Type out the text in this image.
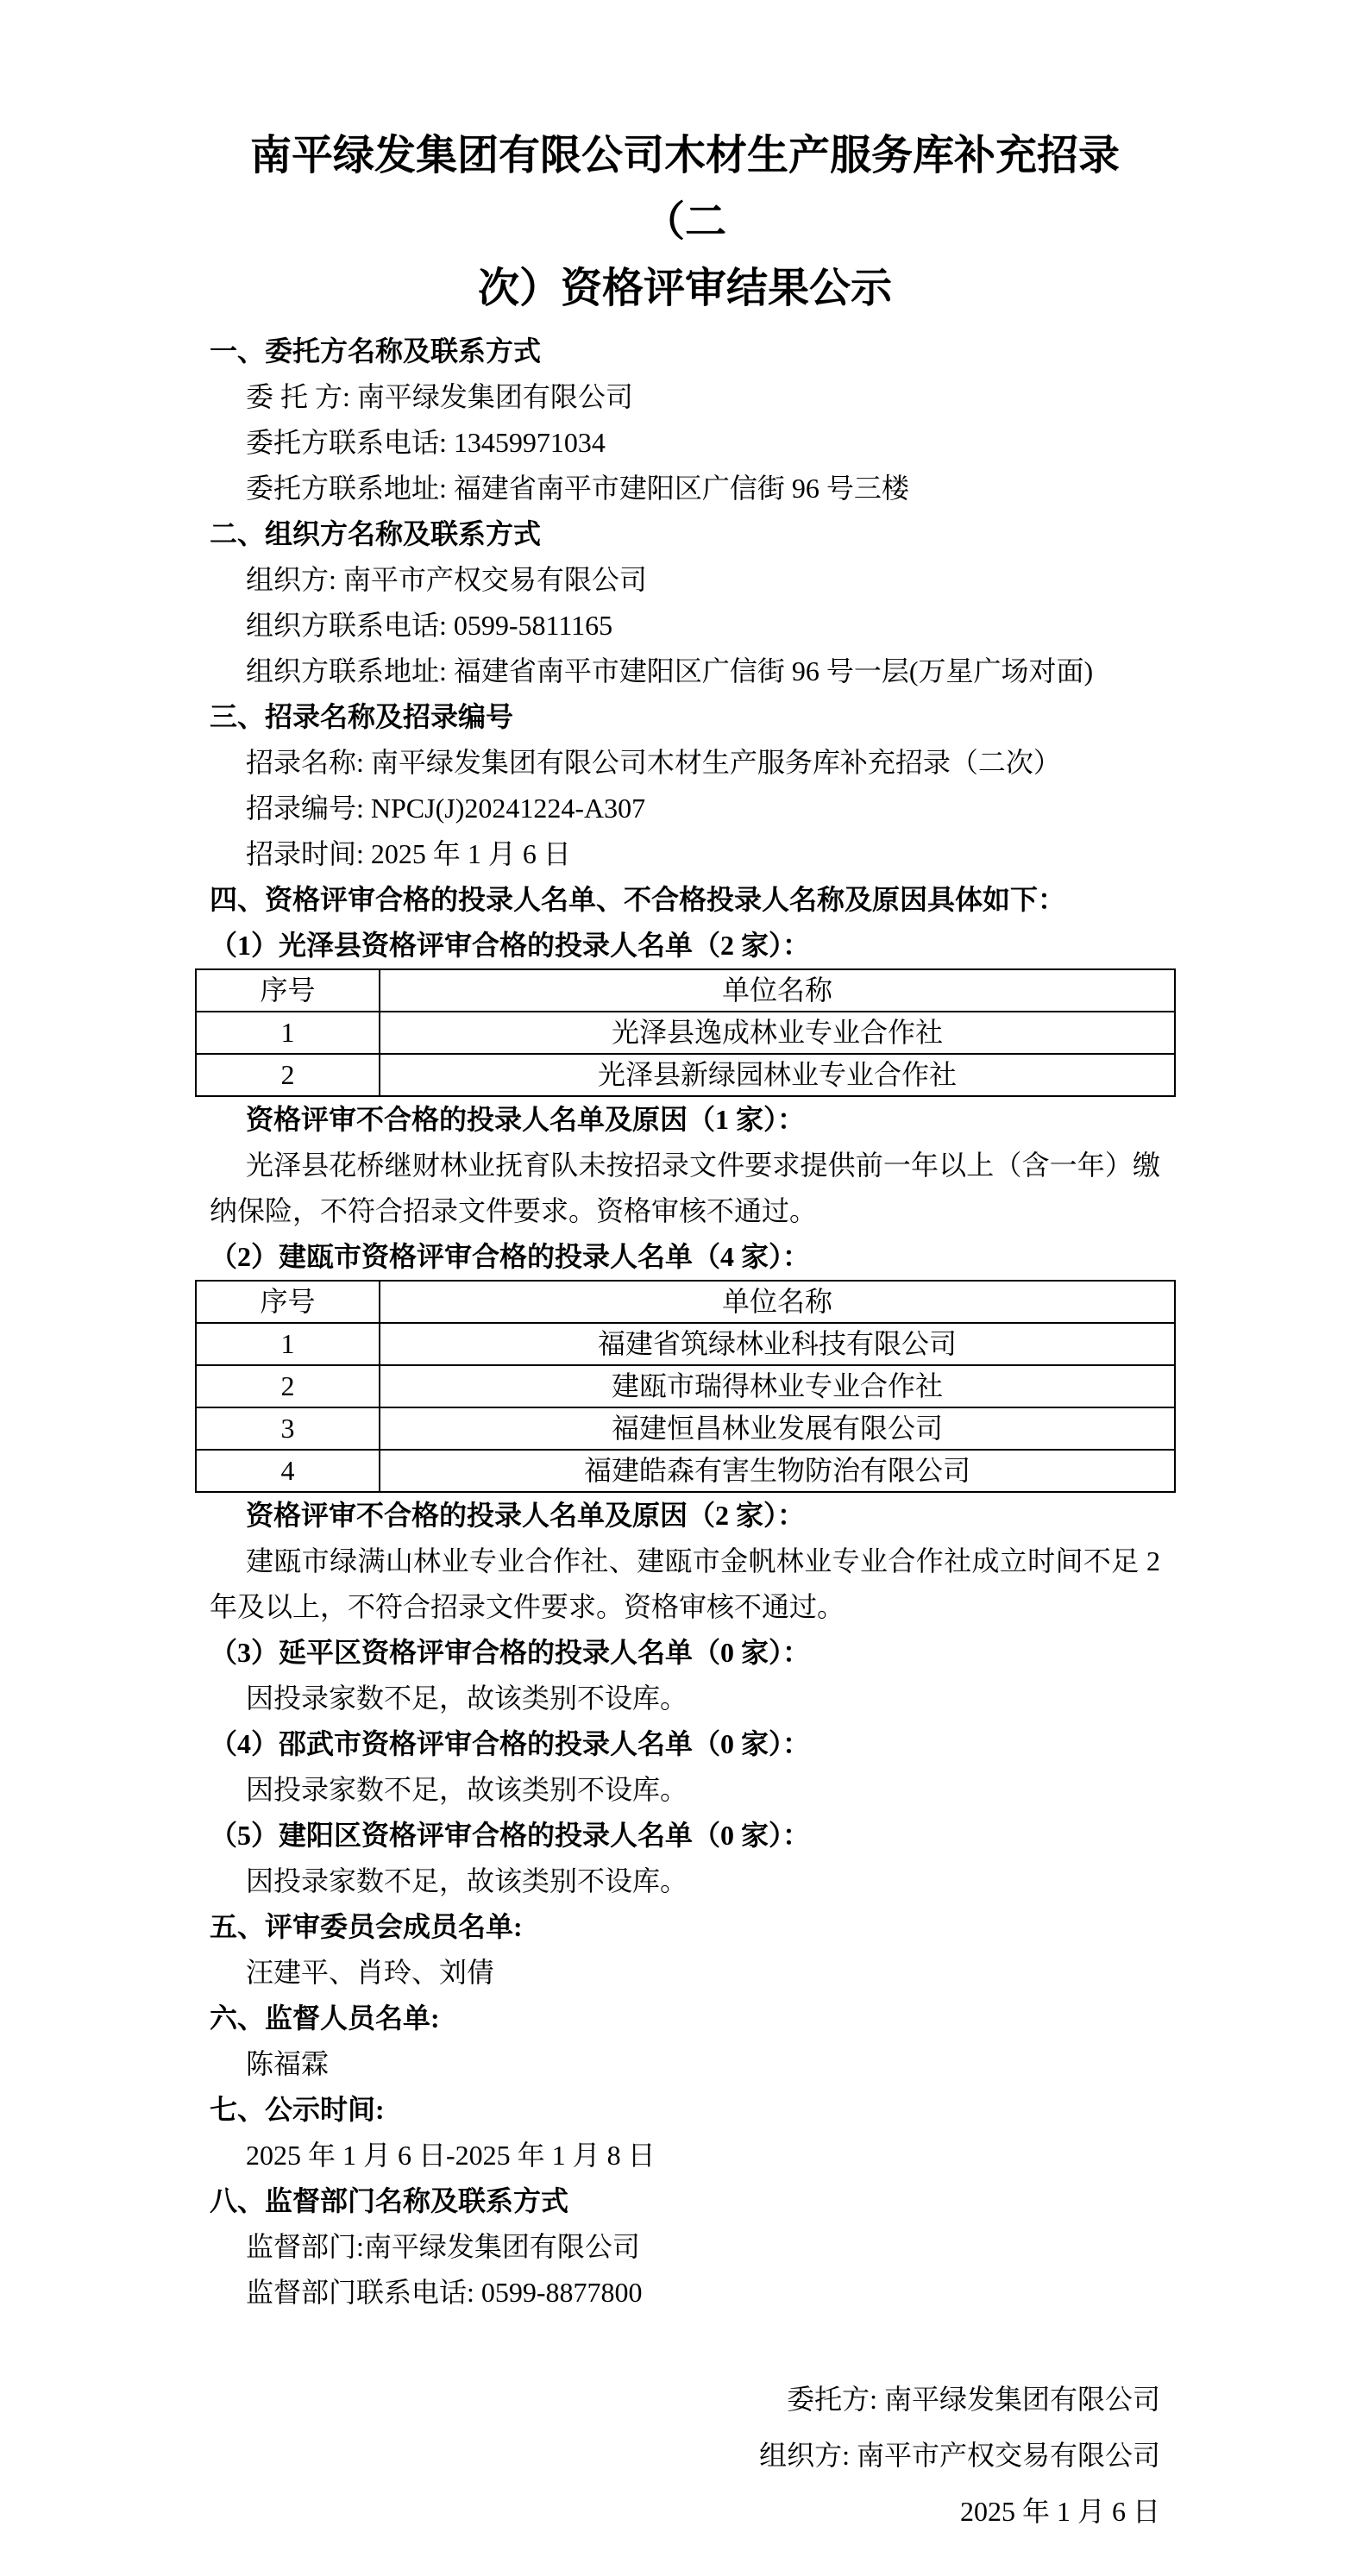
南平绿发集团有限公司木材生产服务库补充招录（二
次）资格评审结果公示
一、委托方名称及联系方式
委 托 方: 南平绿发集团有限公司
委托方联系电话: 13459971034
委托方联系地址: 福建省南平市建阳区广信街 96 号三楼
二、组织方名称及联系方式
组织方: 南平市产权交易有限公司
组织方联系电话: 0599-5811165
组织方联系地址: 福建省南平市建阳区广信街 96 号一层(万星广场对面)
三、招录名称及招录编号
招录名称: 南平绿发集团有限公司木材生产服务库补充招录（二次）
招录编号: NPCJ(J)20241224-A307
招录时间: 2025 年 1 月 6 日
四、资格评审合格的投录人名单、不合格投录人名称及原因具体如下：
（1）光泽县资格评审合格的投录人名单（2 家）：
序号	单位名称
1	光泽县逸成林业专业合作社
2	光泽县新绿园林业专业合作社
资格评审不合格的投录人名单及原因（1 家）：
光泽县花桥继财林业抚育队未按招录文件要求提供前一年以上（含一年）缴纳保险，不符合招录文件要求。资格审核不通过。
（2）建瓯市资格评审合格的投录人名单（4 家）：
序号	单位名称
1	福建省筑绿林业科技有限公司
2	建瓯市瑞得林业专业合作社
3	福建恒昌林业发展有限公司
4	福建皓森有害生物防治有限公司
资格评审不合格的投录人名单及原因（2 家）：
建瓯市绿满山林业专业合作社、建瓯市金帆林业专业合作社成立时间不足 2 年及以上，不符合招录文件要求。资格审核不通过。
（3）延平区资格评审合格的投录人名单（0 家）：
因投录家数不足，故该类别不设库。
（4）邵武市资格评审合格的投录人名单（0 家）：
因投录家数不足，故该类别不设库。
（5）建阳区资格评审合格的投录人名单（0 家）：
因投录家数不足，故该类别不设库。
五、评审委员会成员名单:
汪建平、肖玲、刘倩
六、监督人员名单:
陈福霖
七、公示时间:
2025 年 1 月 6 日-2025 年 1 月 8 日
八、监督部门名称及联系方式
监督部门:南平绿发集团有限公司
监督部门联系电话: 0599-8877800
委托方: 南平绿发集团有限公司
组织方: 南平市产权交易有限公司
2025 年 1 月 6 日
